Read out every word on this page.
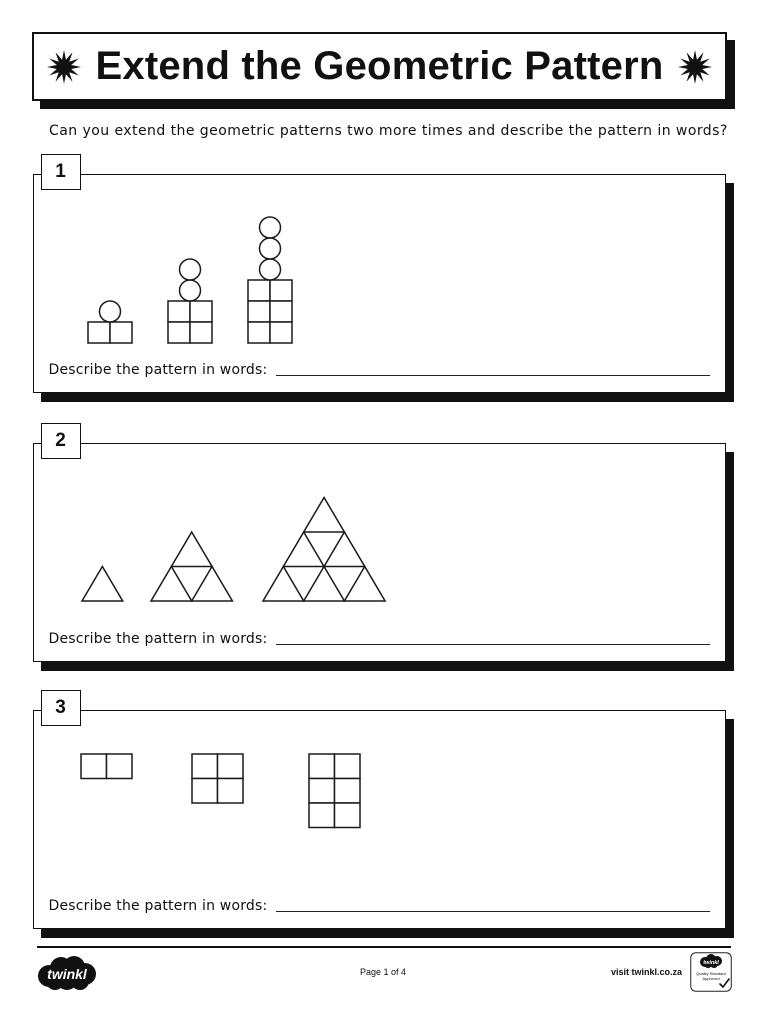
Extend the Geometric Pattern
Can you extend the geometric patterns two more times and describe the pattern in words?
1
Describe the pattern in words:
2
Describe the pattern in words:
3
Describe the pattern in words:
twinkl	Page 1 of 4	visit twinkl.co.za
twinkl
Quality Standard
Approved
